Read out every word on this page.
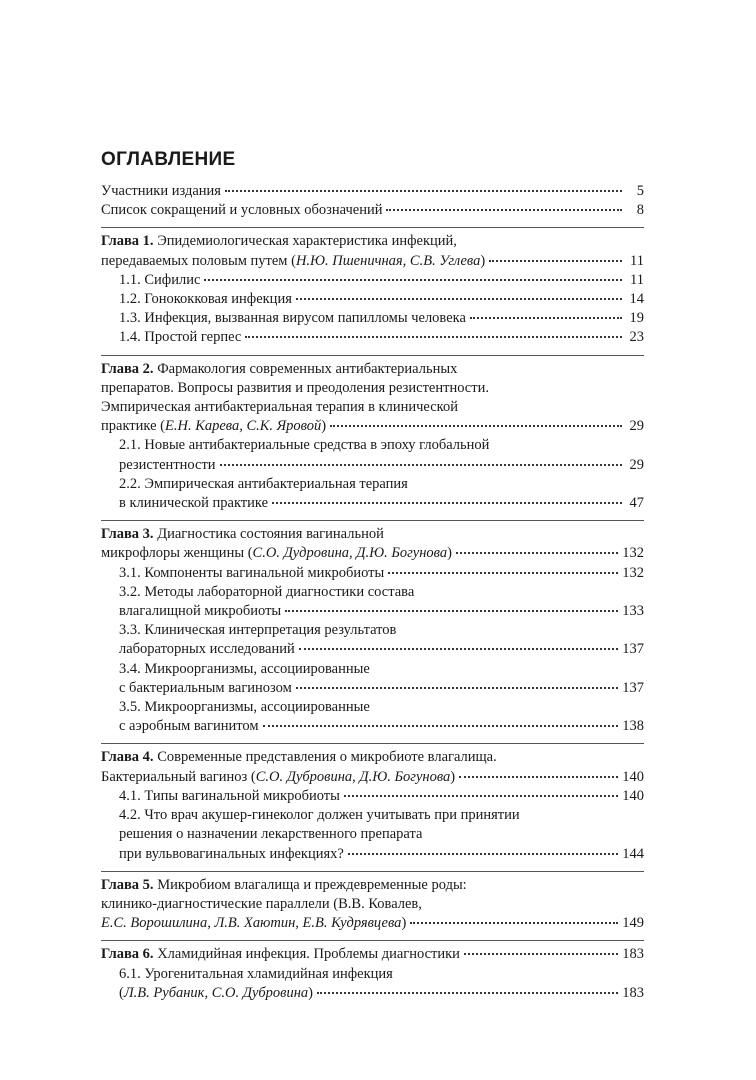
ОГЛАВЛЕНИЕ
Участники издания	5
Список сокращений и условных обозначений	8
Глава 1. Эпидемиологическая характеристика инфекций,
передаваемых половым путем (Н.Ю. Пшеничная, С.В. Углева)	11
1.1. Сифилис	11
1.2. Гонококковая инфекция	14
1.3. Инфекция, вызванная вирусом папилломы человека	19
1.4. Простой герпес	23
Глава 2. Фармакология современных антибактериальных
препаратов. Вопросы развития и преодоления резистентности.
Эмпирическая антибактериальная терапия в клинической
практике (Е.Н. Карева, С.К. Яровой)	29
2.1. Новые антибактериальные средства в эпоху глобальной
резистентности	29
2.2. Эмпирическая антибактериальная терапия
в клинической практике	47
Глава 3. Диагностика состояния вагинальной
микрофлоры женщины (С.О. Дудровина, Д.Ю. Богунова)	132
3.1. Компоненты вагинальной микробиоты	132
3.2. Методы лабораторной диагностики состава
влагалищной микробиоты	133
3.3. Клиническая интерпретация результатов
лабораторных исследований	137
3.4. Микроорганизмы, ассоциированные
с бактериальным вагинозом	137
3.5. Микроорганизмы, ассоциированные
с аэробным вагинитом	138
Глава 4. Современные представления о микробиоте влагалища.
Бактериальный вагиноз (С.О. Дубровина, Д.Ю. Богунова)	140
4.1. Типы вагинальной микробиоты	140
4.2. Что врач акушер-гинеколог должен учитывать при принятии
решения о назначении лекарственного препарата
при вульвовагинальных инфекциях?	144
Глава 5. Микробиом влагалища и преждевременные роды:
клинико-диагностические параллели (В.В. Ковалев,
Е.С. Ворошилина, Л.В. Хаютин, Е.В. Кудрявцева)	149
Глава 6. Хламидийная инфекция. Проблемы диагностики	183
6.1. Урогенитальная хламидийная инфекция
(Л.В. Рубаник, С.О. Дубровина)	183
